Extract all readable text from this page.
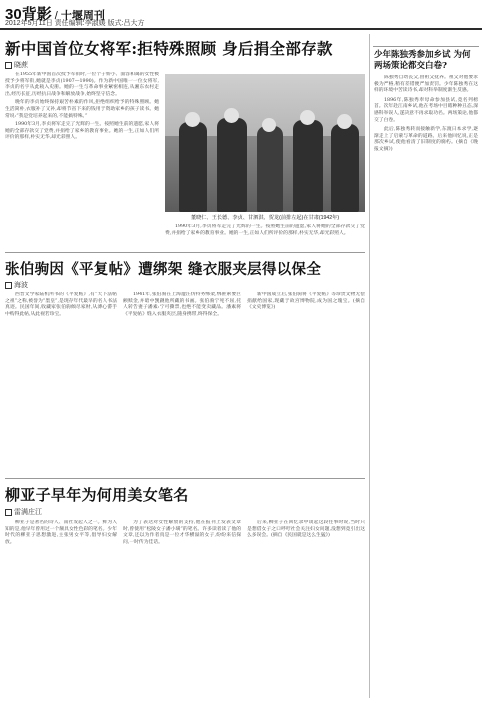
30背影 / 十堰周刊
2012年5月11日 责任编辑:李淑媛 版式:吕大方
新中国首位女将军:拒特殊照顾 身后捐全部存款
晓蔗

在1955年新中国首次授予军衔时,一位个子娇小、面容和蔼的女性被授予少将军衔,她就是李贞(1907—1990)。作为新中国唯一一位女将军,李贞的名字从此载入史册。她的一生与革命事业紧密相连,从湘东农村走出,经历长征,历经抗日战争和解放战争,始终坚守信念。

晚年的李贞始终保持艰苦朴素的作风,拒绝组织给予的特殊照顾。她生活简朴,衣服补了又补,却将节省下来的钱用于资助家乡的孩子读书。她常说:“我是党培养起来的,不能搞特殊。”

1990年3月,李贞将军走完了光辉的一生。按照她生前的遗愿,家人将她的全部存款交了党费,并捐给了家乡的教育事业。她的一生,正如人们所评价的那样,朴实无华,却光彩照人。

董晓仁、王长德、李贞、甘泗淇、贺龙(前排左起)在甘肃(1942年)

1990年3月,李贞将军走完了光辉的一生。按照她生前的遗愿,家人将她的全部存款交了党费,并捐给了家乡的教育事业。她的一生,正如人们所评价的那样,朴实无华,却光彩照人。

少年陈独秀参加乡试 为何两场策论都交白卷?

陈独秀自幼丧父,由祖父抚养。祖父对他要求极为严格,稍有差错便严加责罚。少年陈独秀在这样的环境中苦读诗书,却对科举制度渐生反感。

1896年,陈独秀奉母命参加县试,竟名列榜首。次年赴江南乡试,他在考场中目睹种种丑态,深感科举误人,遂决意不再求取功名。两场策论,他都交了白卷。

此后,陈独秀转而接触新学,东渡日本求学,逐渐走上了启蒙与革命的道路。后来他回忆说,正是那次乡试,使他看清了旧制度的腐朽。(摘自《晚报文摘》)

张伯驹因《平复帖》遭绑架 缝衣服夹层得以保全
海波

西晋文学家陆机所书的《平复帖》,有“天下法帖之祖”之称,被誉为“墨皇”,是现存年代最早的名人书法真迹。民国年间,收藏家张伯驹倾尽家财,从溥心畬手中购得此帖,从此视若珍宝。

1941年,张伯驹在上海遭汪伪特务绑架,绑匪索要巨额赎金,并暗中觊觎他所藏的书画。张伯驹宁死不屈,托人转告妻子潘素:宁可撕票,也绝不能变卖藏品。潘素将《平复帖》缝入衣服夹层,随身携带,终得保全。

新中国成立后,张伯驹将《平复帖》等珍贵文物无偿捐献给国家,现藏于故宫博物院,成为国之瑰宝。(摘自《文史博览》)

柳亚子早年为何用美女笔名
雷满庄江

柳亚子是著名的诗人、南社发起人之一。鲜为人知的是,他早年曾用过一个颇具女性色彩的笔名。少年时代的柳亚子思想激进,主张男女平等,倡导妇女解放。

为了表达对女性解放的支持,他在报刊上发表文章时,曾使用“松陵女子潘小璜”的笔名。许多读者读了他的文章,还以为作者真是一位才华横溢的女子,纷纷来信探问,一时传为佳话。

后来,柳亚子在回忆录中谈起这段往事时说,当时只是想借女子之口呼吁社会关注妇女问题,没想到竟引出这么多误会。(摘自《民国就是这么生猛》)
